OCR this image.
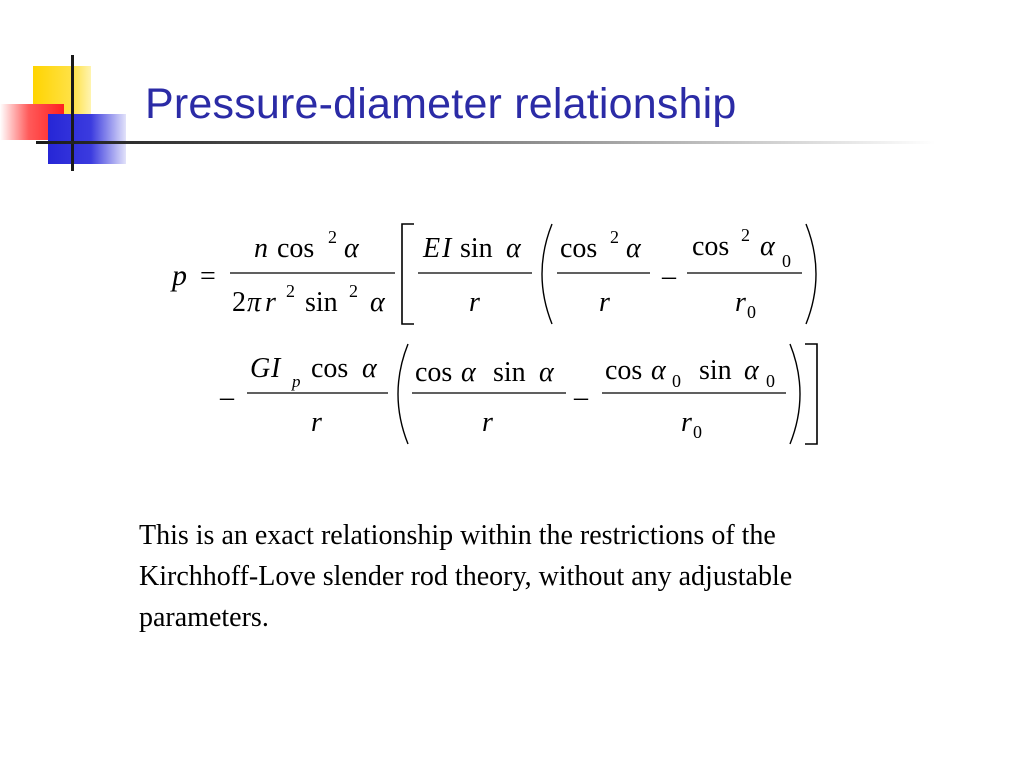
Pressure-diameter relationship
p =
n cos 2 α
2 π r 2 sin 2 α
E I sin α
r
cos 2 α
r
–
cos 2 α 0
r 0
–
G I p cos α
r
cos α sin α
r
–
cos α 0 sin α 0
r 0

This is an exact relationship within the restrictions of the Kirchhoff-Love slender rod theory, without any adjustable parameters.
